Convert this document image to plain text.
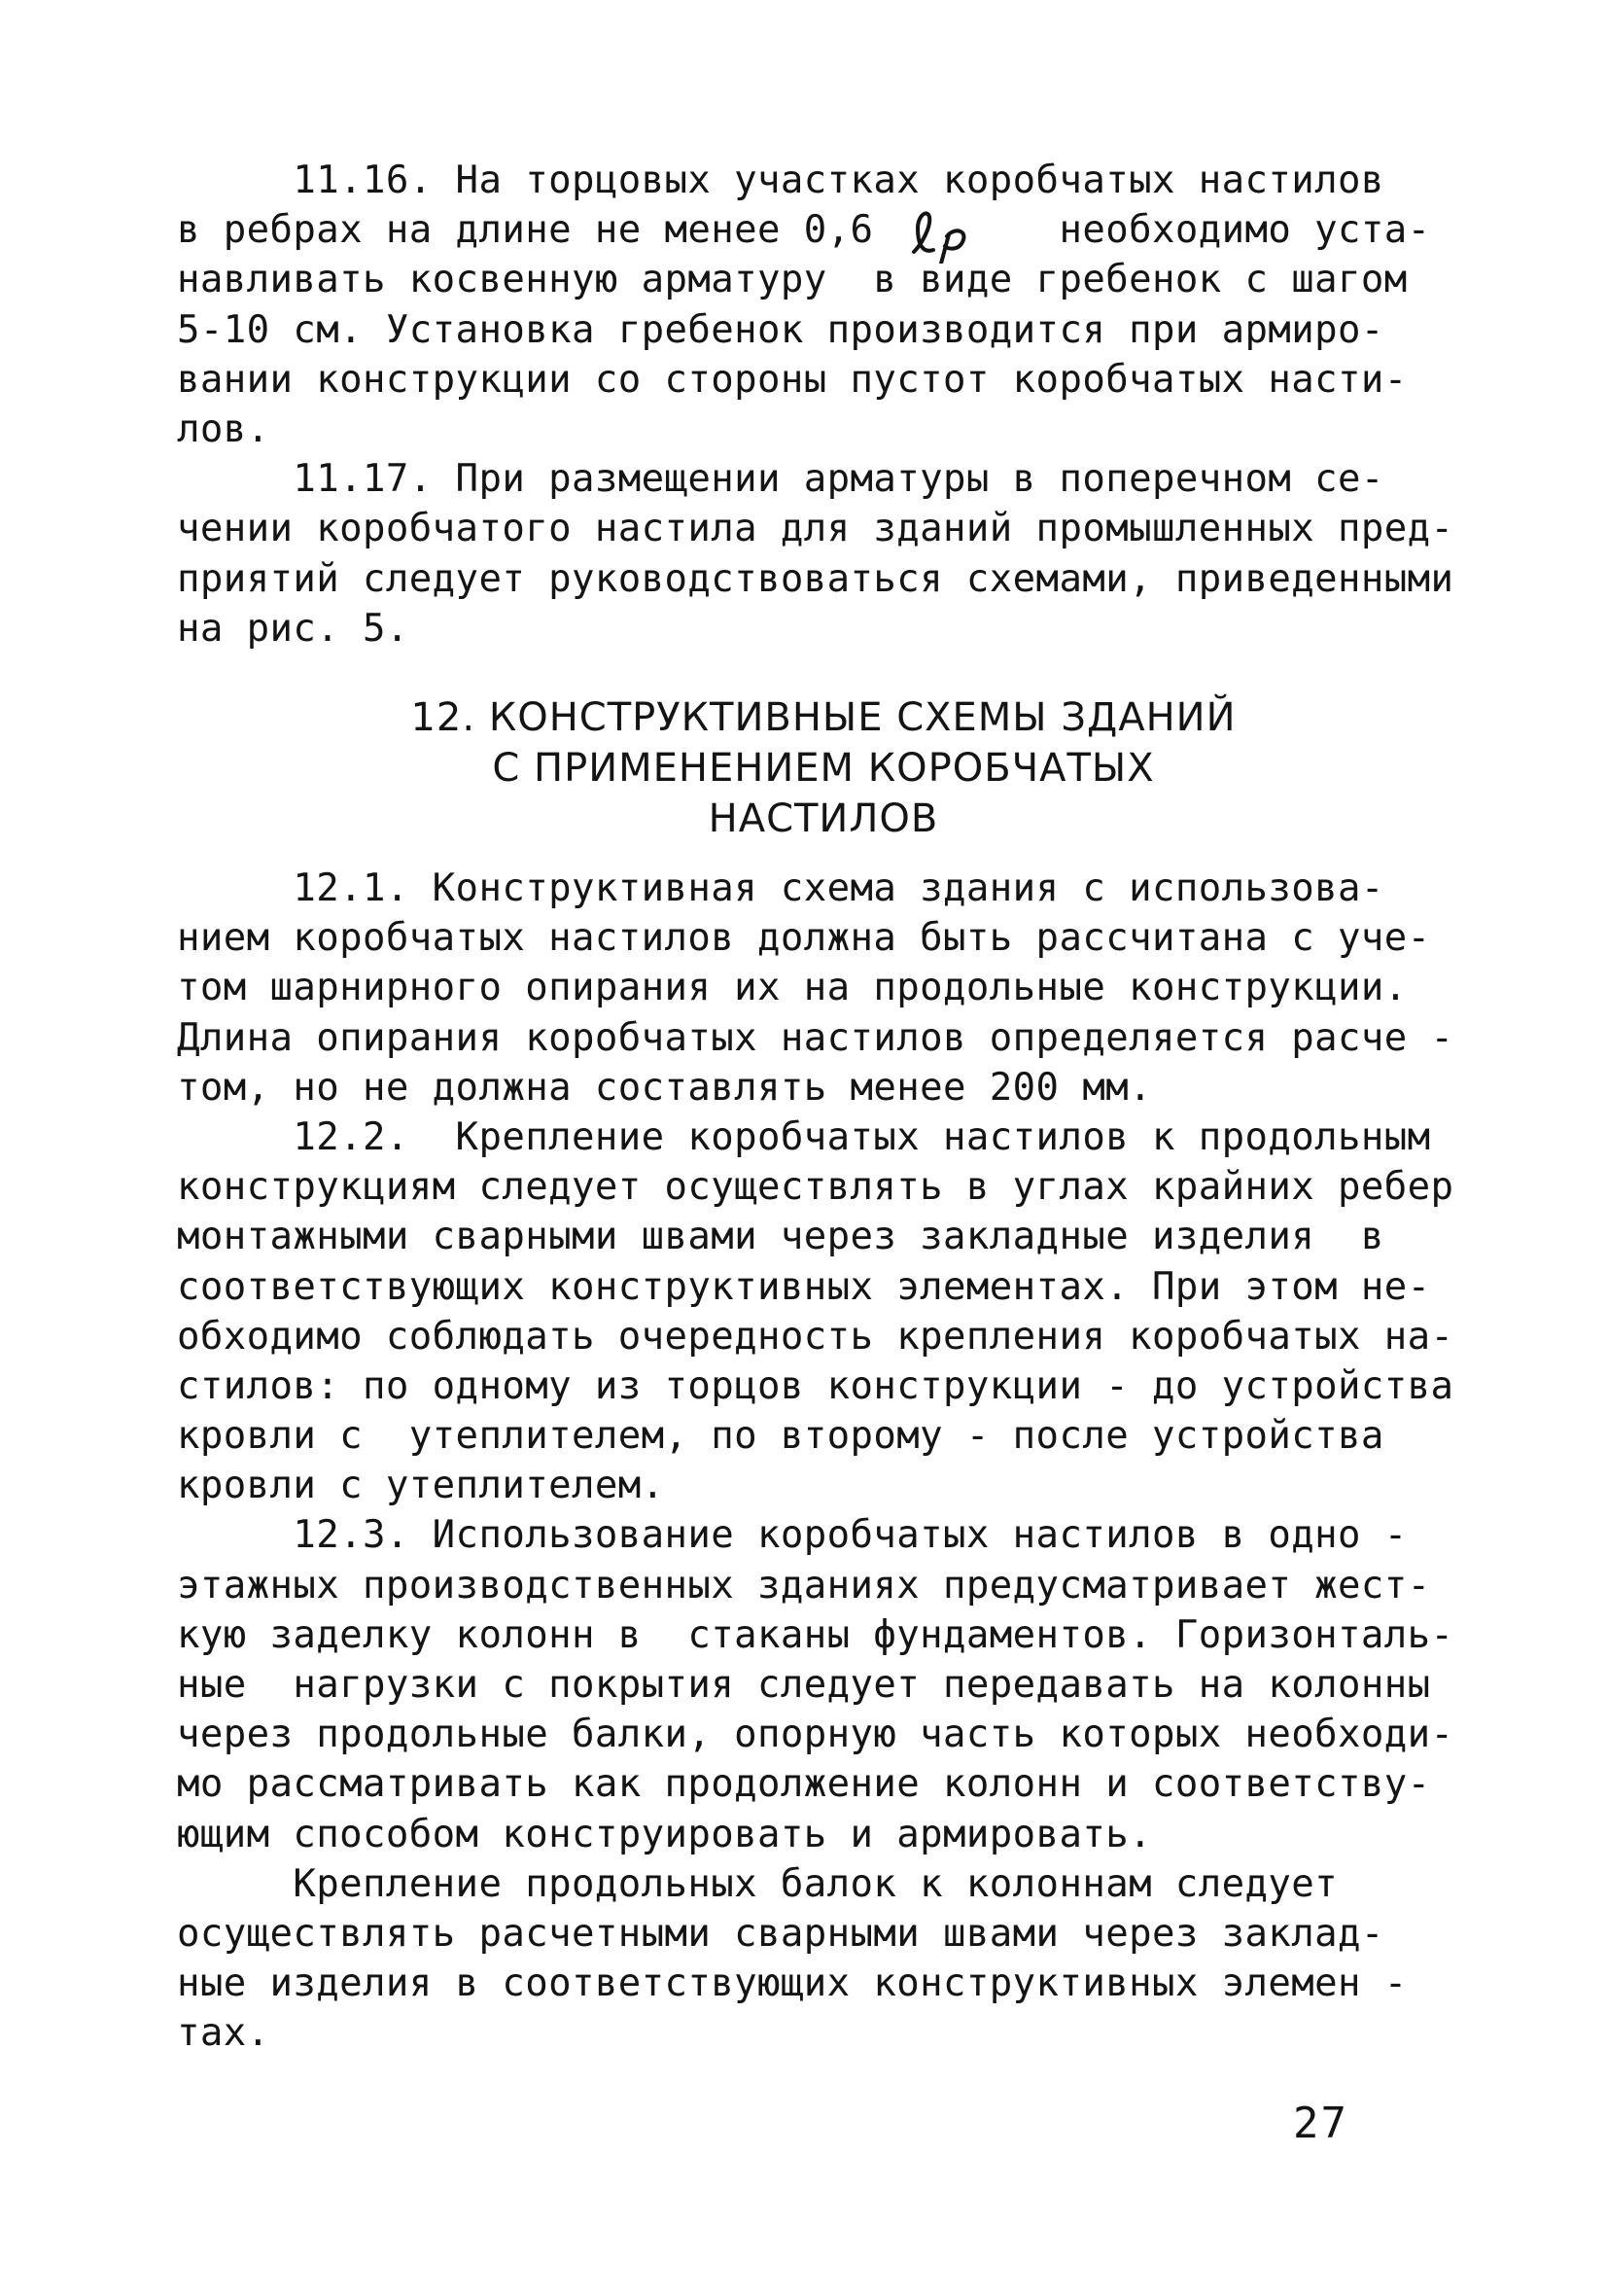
11.16. На торцовых участках коробчатых настилов
в ребрах на длине не менее 0,6        необходимо уста-
навливать косвенную арматуру  в виде гребенок с шагом
5-10 см. Установка гребенок производится при армиро-
вании конструкции со стороны пустот коробчатых насти-
лов.
11.17. При размещении арматуры в поперечном се-
чении коробчатого настила для зданий промышленных пред-
приятий следует руководствоваться схемами, приведенными
на рис. 5.
12. КОНСТРУКТИВНЫЕ СХЕМЫ ЗДАНИЙ
С ПРИМЕНЕНИЕМ КОРОБЧАТЫХ
НАСТИЛОВ
12.1. Конструктивная схема здания с использова-
нием коробчатых настилов должна быть рассчитана с уче-
том шарнирного опирания их на продольные конструкции.
Длина опирания коробчатых настилов определяется расче -
том, но не должна составлять менее 200 мм.
12.2.  Крепление коробчатых настилов к продольным
конструкциям следует осуществлять в углах крайних ребер
монтажными сварными швами через закладные изделия  в
соответствующих конструктивных элементах. При этом не-
обходимо соблюдать очередность крепления коробчатых на-
стилов: по одному из торцов конструкции - до устройства
кровли с  утеплителем, по второму - после устройства
кровли с утеплителем.
12.3. Использование коробчатых настилов в одно -
этажных производственных зданиях предусматривает жест-
кую заделку колонн в  стаканы фундаментов. Горизонталь-
ные  нагрузки с покрытия следует передавать на колонны
через продольные балки, опорную часть которых необходи-
мо рассматривать как продолжение колонн и соответству-
ющим способом конструировать и армировать.
Крепление продольных балок к колоннам следует
осуществлять расчетными сварными швами через заклад-
ные изделия в соответствующих конструктивных элемен -
тах.
27
